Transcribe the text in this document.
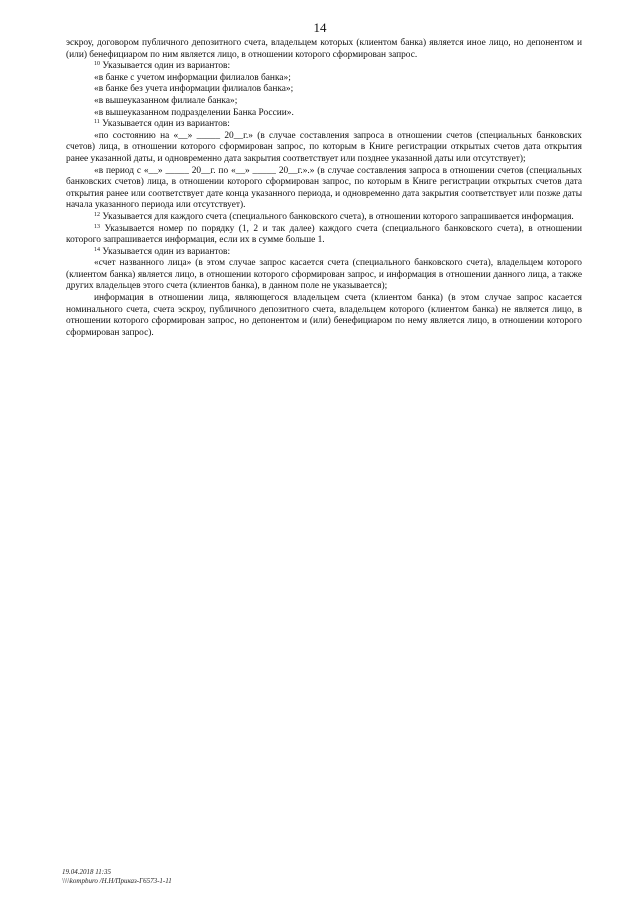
14

эскроу, договором публичного депозитного счета, владельцем которых (клиентом банка) является иное лицо, но депонентом и (или) бенефициаром по ним является лицо, в отношении которого сформирован запрос.

$^{10}$ Указывается один из вариантов:

«в банке с учетом информации филиалов банка»;

«в банке без учета информации филиалов банка»;

«в вышеуказанном филиале банка»;

«в вышеуказанном подразделении Банка России».

$^{11}$ Указывается один из вариантов:

«по состоянию на «__» _____ 20__г.» (в случае составления запроса в отношении счетов (специальных банковских счетов) лица, в отношении которого сформирован запрос, по которым в Книге регистрации открытых счетов дата открытия ранее указанной даты, и одновременно дата закрытия соответствует или позднее указанной даты или отсутствует);

«в период с «__» _____ 20__г. по «__» _____ 20__г.».» (в случае составления запроса в отношении счетов (специальных банковских счетов) лица, в отношении которого сформирован запрос, по которым в Книге регистрации открытых счетов дата открытия ранее или соответствует дате конца указанного периода, и одновременно дата закрытия соответствует или позже даты начала указанного периода или отсутствует).

$^{12}$ Указывается для каждого счета (специального банковского счета), в отношении которого запрашивается информация.

$^{13}$ Указывается номер по порядку (1, 2 и так далее) каждого счета (специального банковского счета), в отношении которого запрашивается информация, если их в сумме больше 1.

$^{14}$ Указывается один из вариантов:

«счет названного лица» (в этом случае запрос касается счета (специального банковского счета), владельцем которого (клиентом банка) является лицо, в отношении которого сформирован запрос, и информация в отношении данного лица, а также других владельцев этого счета (клиентов банка), в данном поле не указывается);

информация в отношении лица, являющегося владельцем счета (клиентом банка) (в этом случае запрос касается номинального счета, счета эскроу, публичного депозитного счета, владельцем которого (клиентом банка) не является лицо, в отношении которого сформирован запрос, но депонентом и (или) бенефициаром по нему является лицо, в отношении которого сформирован запрос).

19.04.2018 11:35
\\\\kompburo /Н.Н/Приказ-Г6573-1-11
